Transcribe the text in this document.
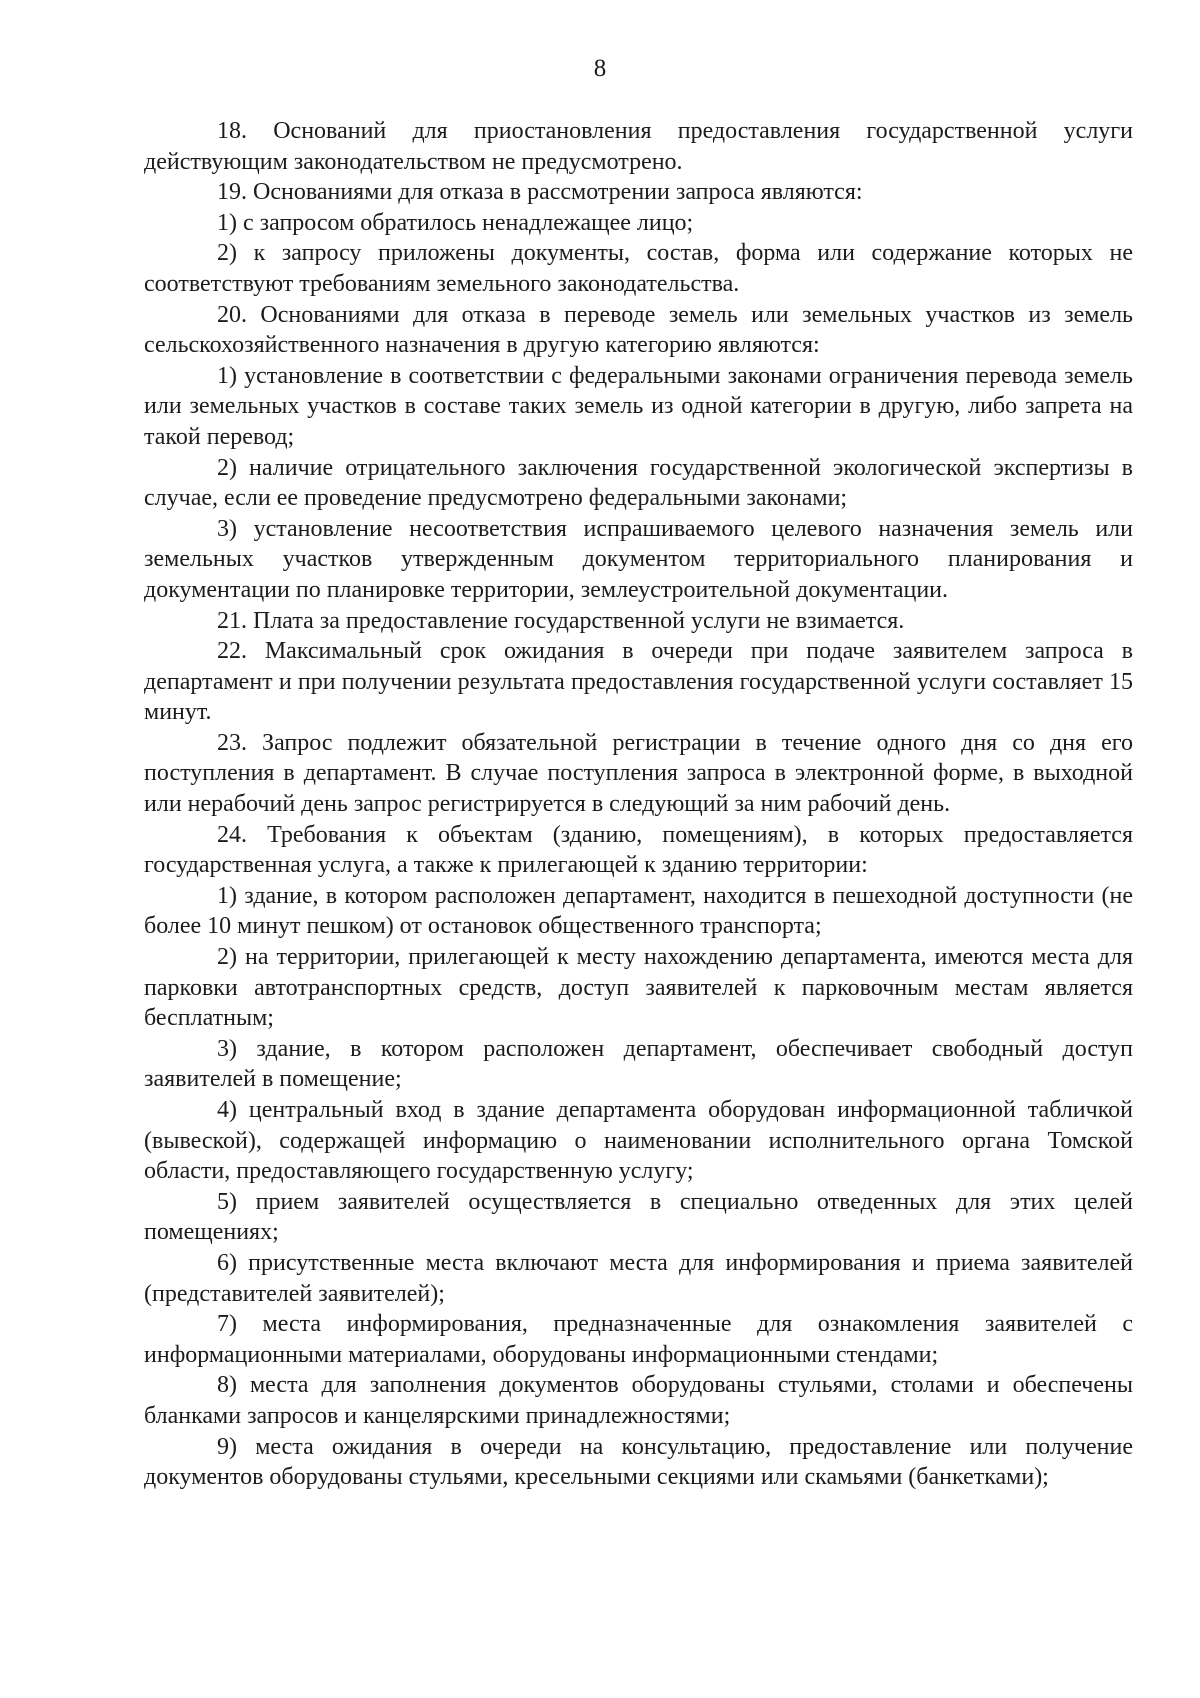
8

18. Оснований для приостановления предоставления государственной услуги действующим законодательством не предусмотрено.

19. Основаниями для отказа в рассмотрении запроса являются:

1) с запросом обратилось ненадлежащее лицо;

2) к запросу приложены документы, состав, форма или содержание которых не соответствуют требованиям земельного законодательства.

20. Основаниями для отказа в переводе земель или земельных участков из земель сельскохозяйственного назначения в другую категорию являются:

1) установление в соответствии с федеральными законами ограничения перевода земель или земельных участков в составе таких земель из одной категории в другую, либо запрета на такой перевод;

2) наличие отрицательного заключения государственной экологической экспертизы в случае, если ее проведение предусмотрено федеральными законами;

3) установление несоответствия испрашиваемого целевого назначения земель или земельных участков утвержденным документом территориального планирования и документации по планировке территории, землеустроительной документации.

21. Плата за предоставление государственной услуги не взимается.

22. Максимальный срок ожидания в очереди при подаче заявителем запроса в департамент и при получении результата предоставления государственной услуги составляет 15 минут.

23. Запрос подлежит обязательной регистрации в течение одного дня со дня его поступления в департамент. В случае поступления запроса в электронной форме, в выходной или нерабочий день запрос регистрируется в следующий за ним рабочий день.

24. Требования к объектам (зданию, помещениям), в которых предоставляется государственная услуга, а также к прилегающей к зданию территории:

1) здание, в котором расположен департамент, находится в пешеходной доступности (не более 10 минут пешком) от остановок общественного транспорта;

2) на территории, прилегающей к месту нахождению департамента, имеются места для парковки автотранспортных средств, доступ заявителей к парковочным местам является бесплатным;

3) здание, в котором расположен департамент, обеспечивает свободный доступ заявителей в помещение;

4) центральный вход в здание департамента оборудован информационной табличкой (вывеской), содержащей информацию о наименовании исполнительного органа Томской области, предоставляющего государственную услугу;

5) прием заявителей осуществляется в специально отведенных для этих целей помещениях;

6) присутственные места включают места для информирования и приема заявителей (представителей заявителей);

7) места информирования, предназначенные для ознакомления заявителей с информационными материалами, оборудованы информационными стендами;

8) места для заполнения документов оборудованы стульями, столами и обеспечены бланками запросов и канцелярскими принадлежностями;

9) места ожидания в очереди на консультацию, предоставление или получение документов оборудованы стульями, кресельными секциями или скамьями (банкетками);
